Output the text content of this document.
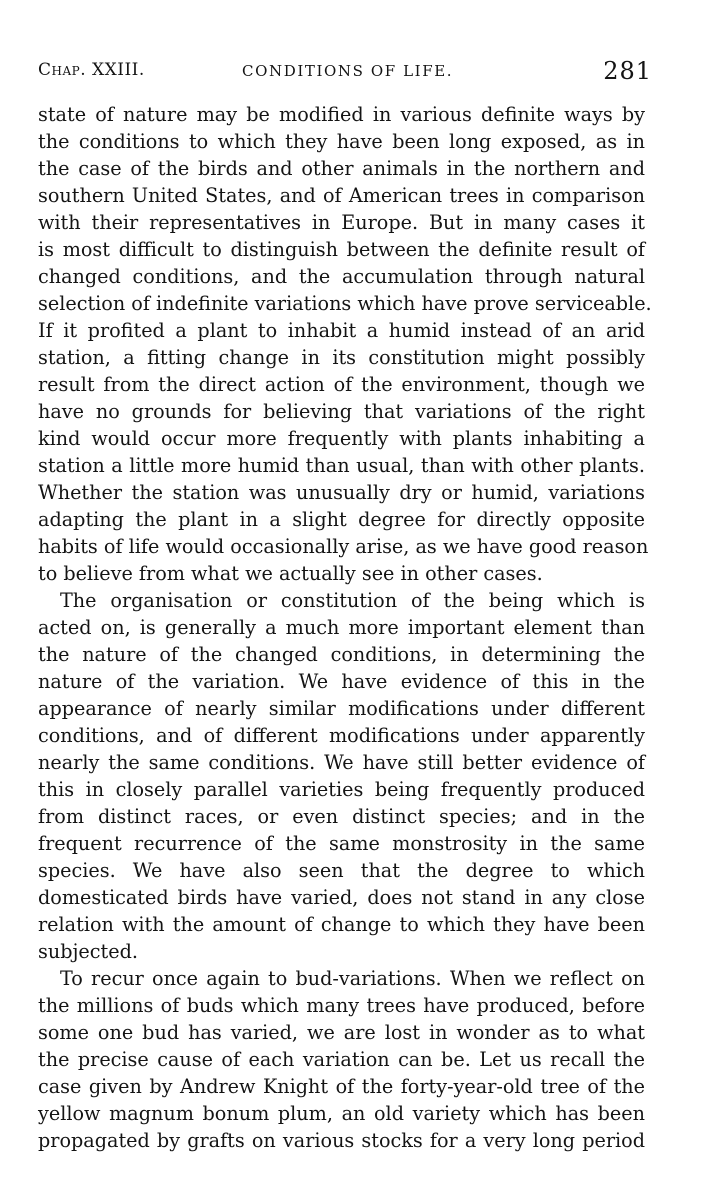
Chap. XXIII.	CONDITIONS OF LIFE.	281
state of nature may be modified in various definite ways by
the conditions to which they have been long exposed, as in
the case of the birds and other animals in the northern and
southern United States, and of American trees in comparison
with their representatives in Europe. But in many cases it
is most difficult to distinguish between the definite result of
changed conditions, and the accumulation through natural
selection of indefinite variations which have prove serviceable.
If it profited a plant to inhabit a humid instead of an arid
station, a fitting change in its constitution might possibly
result from the direct action of the environment, though we
have no grounds for believing that variations of the right
kind would occur more frequently with plants inhabiting a
station a little more humid than usual, than with other plants.
Whether the station was unusually dry or humid, variations
adapting the plant in a slight degree for directly opposite
habits of life would occasionally arise, as we have good reason
to believe from what we actually see in other cases.
The organisation or constitution of the being which is
acted on, is generally a much more important element than
the nature of the changed conditions, in determining the
nature of the variation. We have evidence of this in the
appearance of nearly similar modifications under different
conditions, and of different modifications under apparently
nearly the same conditions. We have still better evidence of
this in closely parallel varieties being frequently produced
from distinct races, or even distinct species; and in the
frequent recurrence of the same monstrosity in the same
species. We have also seen that the degree to which
domesticated birds have varied, does not stand in any close
relation with the amount of change to which they have been
subjected.
To recur once again to bud-variations. When we reflect on
the millions of buds which many trees have produced, before
some one bud has varied, we are lost in wonder as to what
the precise cause of each variation can be. Let us recall the
case given by Andrew Knight of the forty-year-old tree of the
yellow magnum bonum plum, an old variety which has been
propagated by grafts on various stocks for a very long period
